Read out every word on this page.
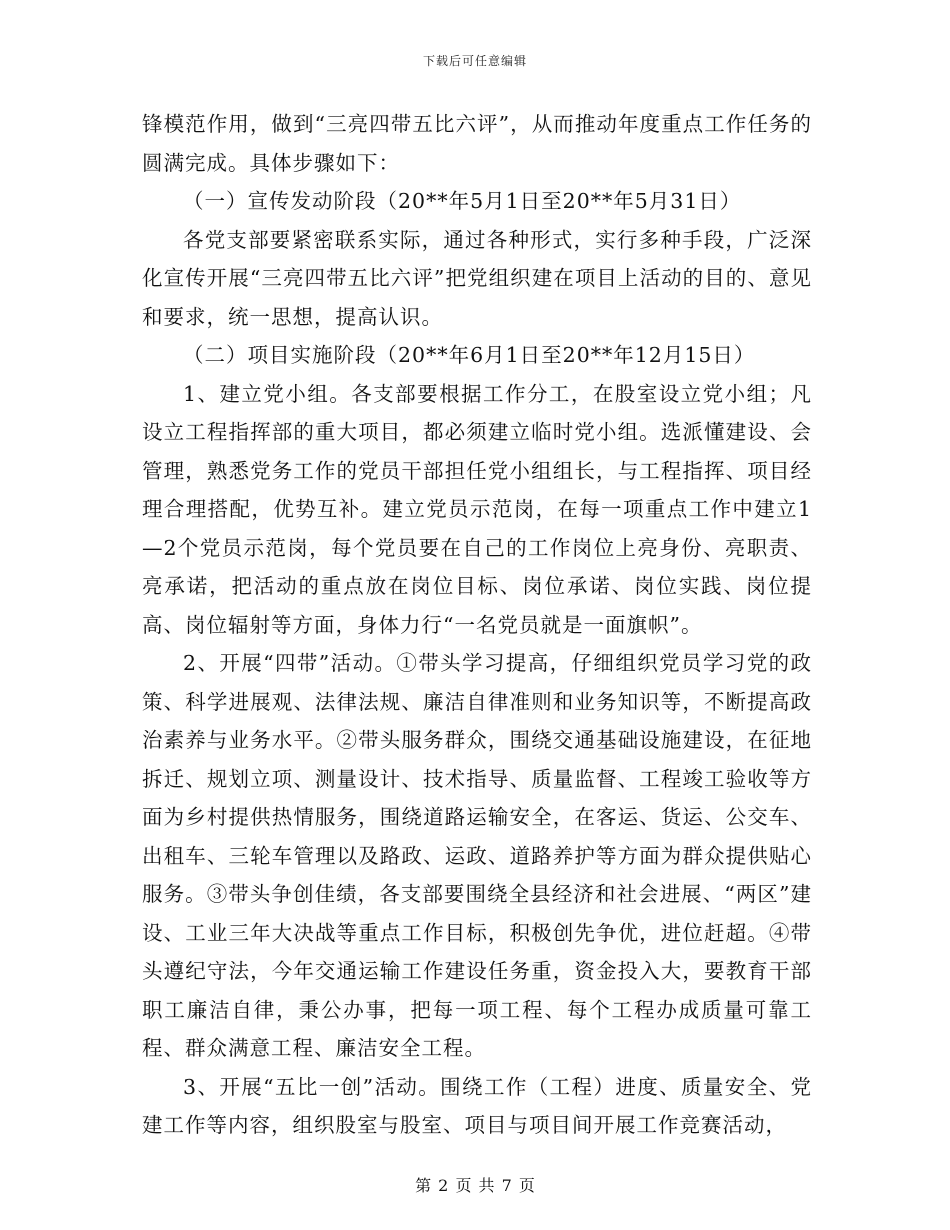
下载后可任意编辑

锋模范作用，做到“三亮四带五比六评”，从而推动年度重点工作任务的圆满完成。具体步骤如下：

（一）宣传发动阶段（20**年5月1日至20**年5月31日）

各党支部要紧密联系实际，通过各种形式，实行多种手段，广泛深化宣传开展“三亮四带五比六评”把党组织建在项目上活动的目的、意见和要求，统一思想，提高认识。

（二）项目实施阶段（20**年6月1日至20**年12月15日）

1、建立党小组。各支部要根据工作分工，在股室设立党小组；凡设立工程指挥部的重大项目，都必须建立临时党小组。选派懂建设、会管理，熟悉党务工作的党员干部担任党小组组长，与工程指挥、项目经理合理搭配，优势互补。建立党员示范岗，在每一项重点工作中建立1—2个党员示范岗，每个党员要在自己的工作岗位上亮身份、亮职责、亮承诺，把活动的重点放在岗位目标、岗位承诺、岗位实践、岗位提高、岗位辐射等方面，身体力行“一名党员就是一面旗帜”。

2、开展“四带”活动。①带头学习提高，仔细组织党员学习党的政策、科学进展观、法律法规、廉洁自律准则和业务知识等，不断提高政治素养与业务水平。②带头服务群众，围绕交通基础设施建设，在征地拆迁、规划立项、测量设计、技术指导、质量监督、工程竣工验收等方面为乡村提供热情服务，围绕道路运输安全，在客运、货运、公交车、出租车、三轮车管理以及路政、运政、道路养护等方面为群众提供贴心服务。③带头争创佳绩，各支部要围绕全县经济和社会进展、“两区”建设、工业三年大决战等重点工作目标，积极创先争优，进位赶超。④带头遵纪守法，今年交通运输工作建设任务重，资金投入大，要教育干部职工廉洁自律，秉公办事，把每一项工程、每个工程办成质量可靠工程、群众满意工程、廉洁安全工程。

3、开展“五比一创”活动。围绕工作（工程）进度、质量安全、党建工作等内容，组织股室与股室、项目与项目间开展工作竞赛活动，

第 2 页 共 7 页
